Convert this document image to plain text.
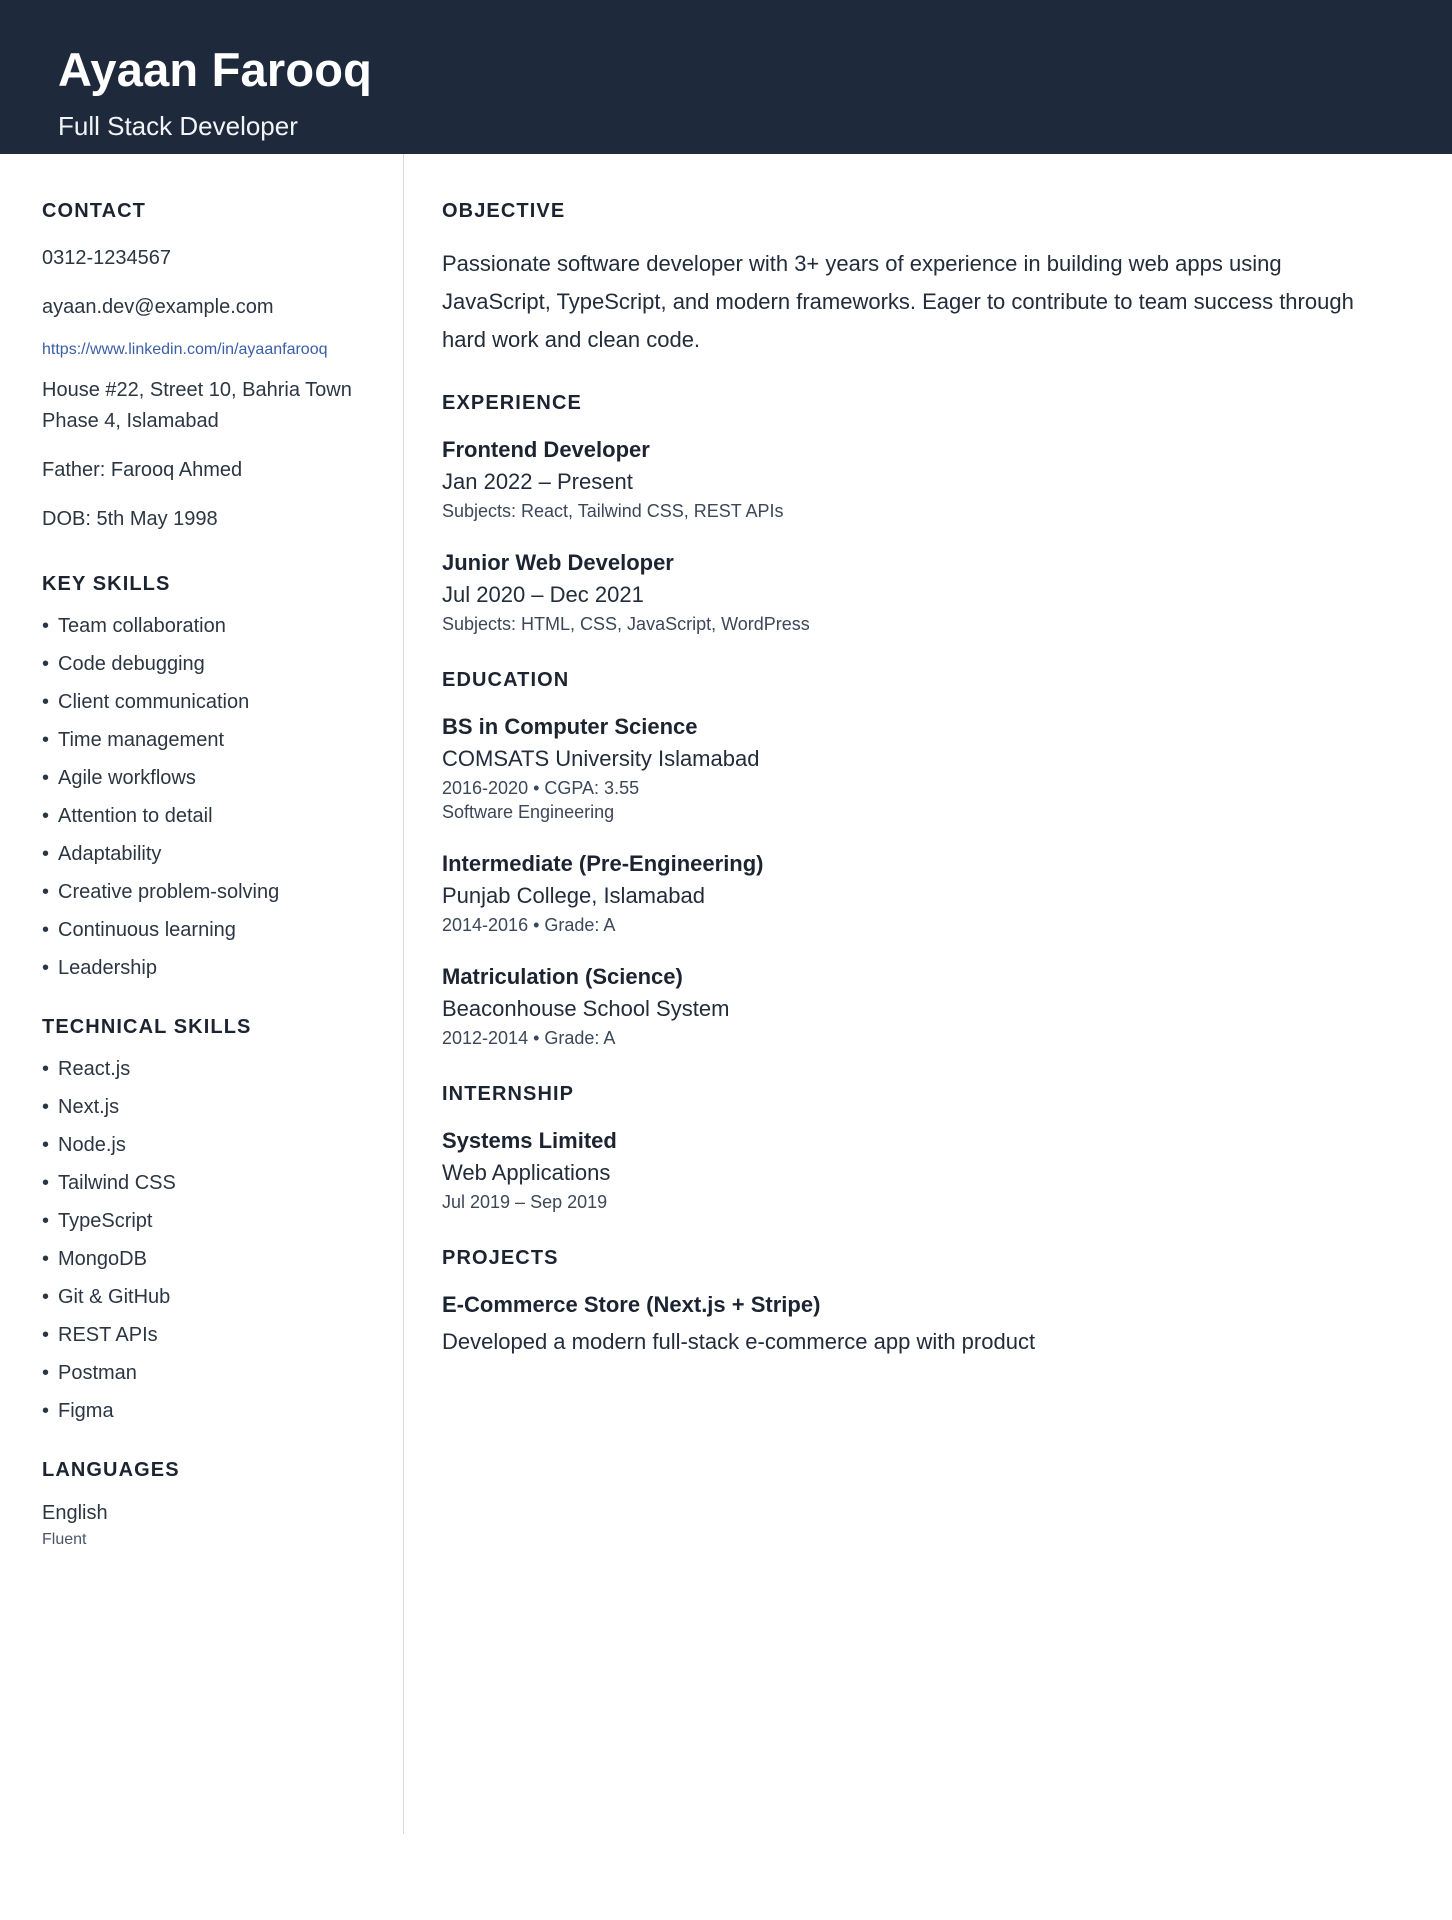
Ayaan Farooq
Full Stack Developer
CONTACT

0312-1234567

ayaan.dev@example.com

https://www.linkedin.com/in/ayaanfarooq

House #22, Street 10, Bahria Town Phase 4, Islamabad

Father: Farooq Ahmed

DOB: 5th May 1998

KEY SKILLS
• Team collaboration
• Code debugging
• Client communication
• Time management
• Agile workflows
• Attention to detail
• Adaptability
• Creative problem-solving
• Continuous learning
• Leadership
TECHNICAL SKILLS
• React.js
• Next.js
• Node.js
• Tailwind CSS
• TypeScript
• MongoDB
• Git & GitHub
• REST APIs
• Postman
• Figma
LANGUAGES

English

Fluent

OBJECTIVE

Passionate software developer with 3+ years of experience in building web apps using JavaScript, TypeScript, and modern frameworks. Eager to contribute to team success through hard work and clean code.

EXPERIENCE

Frontend Developer

Jan 2022 – Present

Subjects: React, Tailwind CSS, REST APIs

Junior Web Developer

Jul 2020 – Dec 2021

Subjects: HTML, CSS, JavaScript, WordPress

EDUCATION

BS in Computer Science

COMSATS University Islamabad

2016-2020 • CGPA: 3.55

Software Engineering

Intermediate (Pre-Engineering)

Punjab College, Islamabad

2014-2016 • Grade: A

Matriculation (Science)

Beaconhouse School System

2012-2014 • Grade: A

INTERNSHIP

Systems Limited

Web Applications

Jul 2019 – Sep 2019

PROJECTS

E-Commerce Store (Next.js + Stripe)

Developed a modern full-stack e-commerce app with product
